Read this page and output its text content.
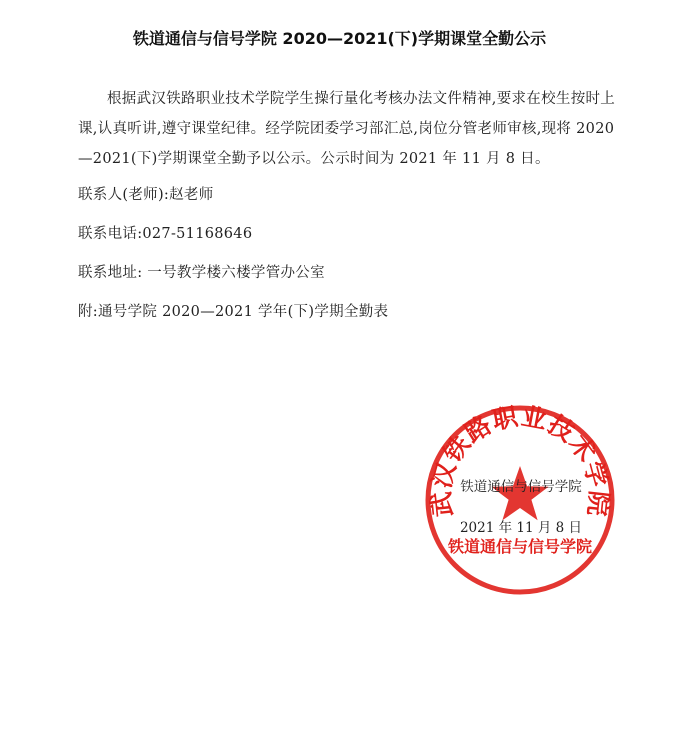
铁道通信与信号学院 2020—2021(下)学期课堂全勤公示

根据武汉铁路职业技术学院学生操行量化考核办法文件精神,要求在校生按时上课,认真听讲,遵守课堂纪律。经学院团委学习部汇总,岗位分管老师审核,现将 2020—2021(下)学期课堂全勤予以公示。公示时间为 2021 年 11 月 8 日。

联系人(老师):赵老师

联系电话:027-51168646

联系地址: 一号教学楼六楼学管办公室

附:通号学院 2020—2021 学年(下)学期全勤表

武汉铁路职业技术学院
铁道通信与信号学院
铁道通信与信号学院
2021 年 11 月 8 日
